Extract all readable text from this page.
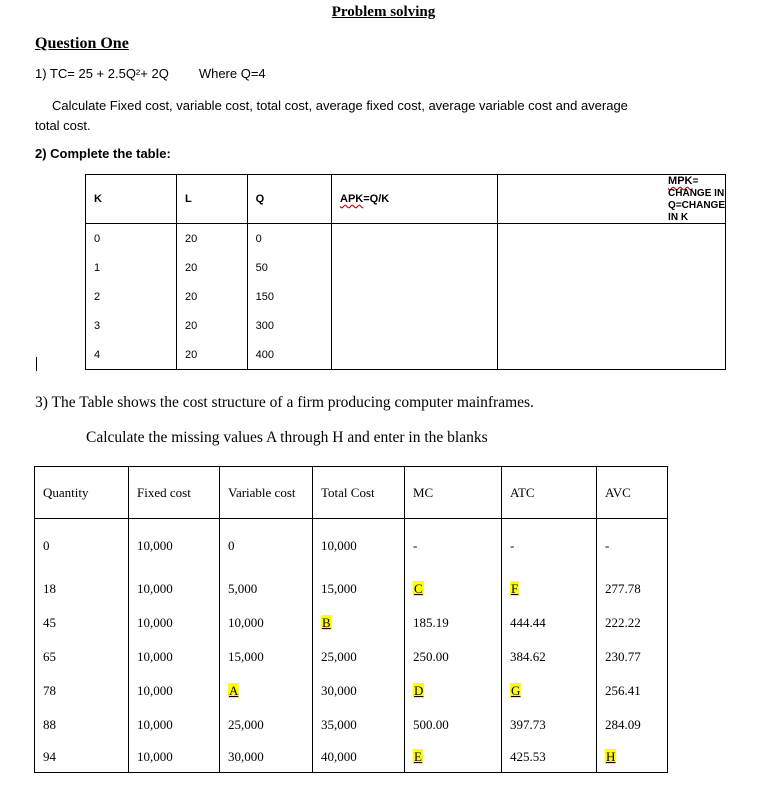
Problem solving
Question One
1) TC= 25 + 2.5Q²+ 2Q Where Q=4
Calculate Fixed cost, variable cost, total cost, average fixed cost, average variable cost and average total cost.
2) Complete the table:
K	L	Q	APK=Q/K	MPK= CHANGE IN Q=CHANGE IN K
0	20	0		
1	20	50		
2	20	150		
3	20	300		
4	20	400		
3) The Table shows the cost structure of a firm producing computer mainframes.
Calculate the missing values A through H and enter in the blanks
Quantity	Fixed cost	Variable cost	Total Cost	MC	ATC	AVC
0	10,000	0	10,000	-	-	-
18	10,000	5,000	15,000	C	F	277.78
45	10,000	10,000	B	185.19	444.44	222.22
65	10,000	15,000	25,000	250.00	384.62	230.77
78	10,000	A	30,000	D	G	256.41
88	10,000	25,000	35,000	500.00	397.73	284.09
94	10,000	30,000	40,000	E	425.53	H
